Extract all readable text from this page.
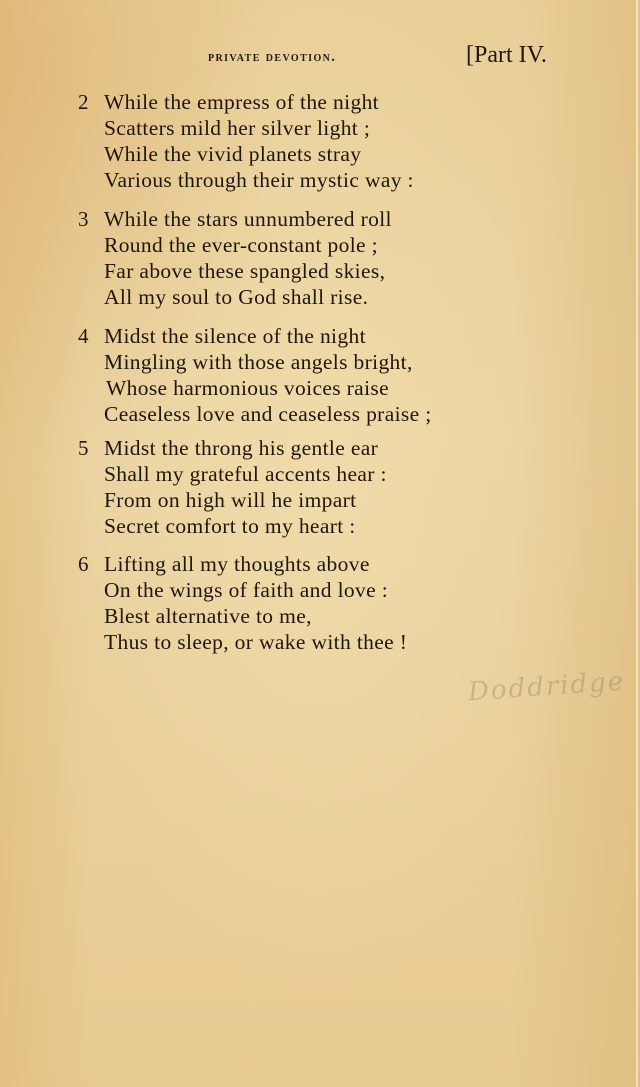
private devotion.	[Part IV.
2 While the empress of the night
Scatters mild her silver light ;
While the vivid planets stray
Various through their mystic way :
3 While the stars unnumbered roll
Round the ever-constant pole ;
Far above these spangled skies,
All my soul to God shall rise.
4 Midst the silence of the night
Mingling with those angels bright,
Whose harmonious voices raise
Ceaseless love and ceaseless praise ;
5 Midst the throng his gentle ear
Shall my grateful accents hear :
From on high will he impart
Secret comfort to my heart :
6 Lifting all my thoughts above
On the wings of faith and love :
Blest alternative to me,
Thus to sleep, or wake with thee !
Doddridge
